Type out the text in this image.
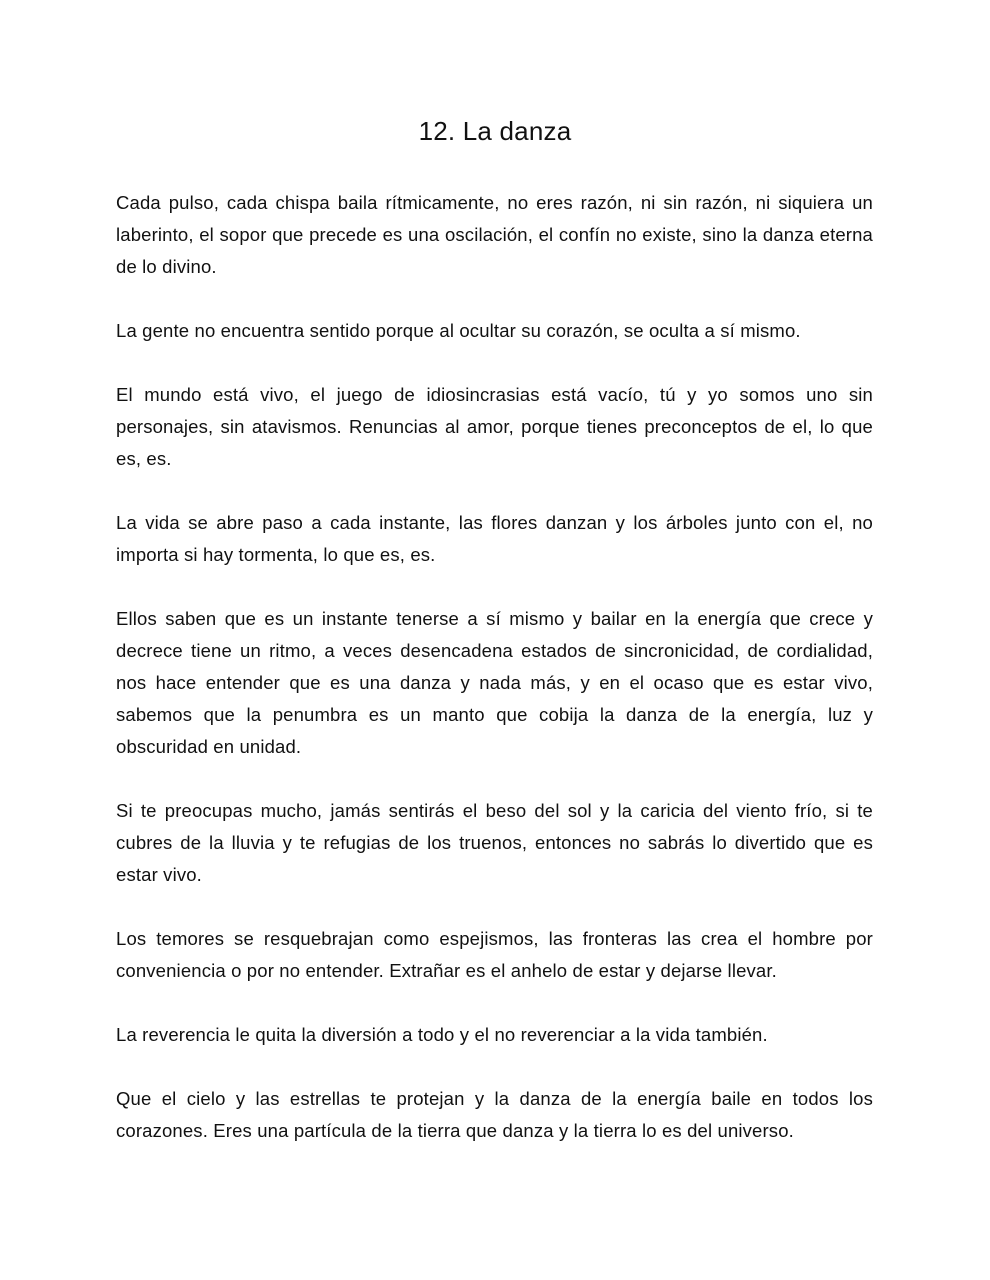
12. La danza

Cada pulso, cada chispa baila rítmicamente, no eres razón, ni sin razón, ni siquiera un laberinto, el sopor que precede es una oscilación, el confín no existe, sino la danza eterna de lo divino.

La gente no encuentra sentido porque al ocultar su corazón, se oculta a sí mismo.

El mundo está vivo, el juego de idiosincrasias está vacío, tú y yo somos uno sin personajes, sin atavismos. Renuncias al amor, porque tienes preconceptos de el, lo que es, es.

La vida se abre paso a cada instante, las flores danzan y los árboles junto con el, no importa si hay tormenta, lo que es, es.

Ellos saben que es un instante tenerse a sí mismo y bailar en la energía que crece y decrece tiene un ritmo, a veces desencadena estados de sincronicidad, de cordialidad, nos hace entender que es una danza y nada más, y en el ocaso que es estar vivo, sabemos que la penumbra es un manto que cobija la danza de la energía, luz y obscuridad en unidad.

Si te preocupas mucho, jamás sentirás el beso del sol y la caricia del viento frío, si te cubres de la lluvia y te refugias de los truenos, entonces no sabrás lo divertido que es estar vivo.

Los temores se resquebrajan como espejismos, las fronteras las crea el hombre por conveniencia o por no entender. Extrañar es el anhelo de estar y dejarse llevar.

La reverencia le quita la diversión a todo y el no reverenciar a la vida también.

Que el cielo y las estrellas te protejan y la danza de la energía baile en todos los corazones. Eres una partícula de la tierra que danza y la tierra lo es del universo.
